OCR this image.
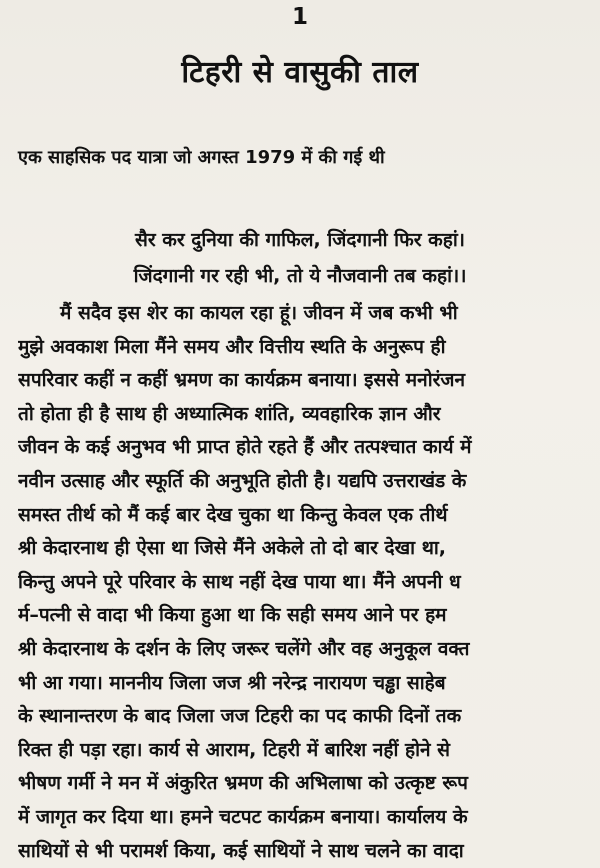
1
टिहरी से वासुकी ताल
एक साहसिक पद यात्रा जो अगस्त 1979 में की गई थी
सैर कर दुनिया की गाफिल, जिंदगानी फिर कहां।
जिंदगानी गर रही भी, तो ये नौजवानी तब कहां।।
मैं सदैव इस शेर का कायल रहा हूं। जीवन में जब कभी भी
मुझे अवकाश मिला मैंने समय और वित्तीय स्थति के अनुरूप ही
सपरिवार कहीं न कहीं भ्रमण का कार्यक्रम बनाया। इससे मनोरंजन
तो होता ही है साथ ही अध्यात्मिक शांति, व्यवहारिक ज्ञान और
जीवन के कई अनुभव भी प्राप्त होते रहते हैं और तत्पश्चात कार्य में
नवीन उत्साह और स्फूर्ति की अनुभूति होती है। यद्यपि उत्तराखंड के
समस्त तीर्थ को मैं कई बार देख चुका था किन्तु केवल एक तीर्थ
श्री केदारनाथ ही ऐसा था जिसे मैंने अकेले तो दो बार देखा था,
किन्तु अपने पूरे परिवार के साथ नहीं देख पाया था। मैंने अपनी ध
र्म–पत्नी से वादा भी किया हुआ था कि सही समय आने पर हम
श्री केदारनाथ के दर्शन के लिए जरूर चलेंगे और वह अनुकूल वक्त
भी आ गया। माननीय जिला जज श्री नरेन्द्र नारायण चड्ढा साहेब
के स्थानान्तरण के बाद जिला जज टिहरी का पद काफी दिनों तक
रिक्त ही पड़ा रहा। कार्य से आराम, टिहरी में बारिश नहीं होने से
भीषण गर्मी ने मन में अंकुरित भ्रमण की अभिलाषा को उत्कृष्ट रूप
में जागृत कर दिया था। हमने चटपट कार्यक्रम बनाया। कार्यालय के
साथियों से भी परामर्श किया, कई साथियों ने साथ चलने का वादा
